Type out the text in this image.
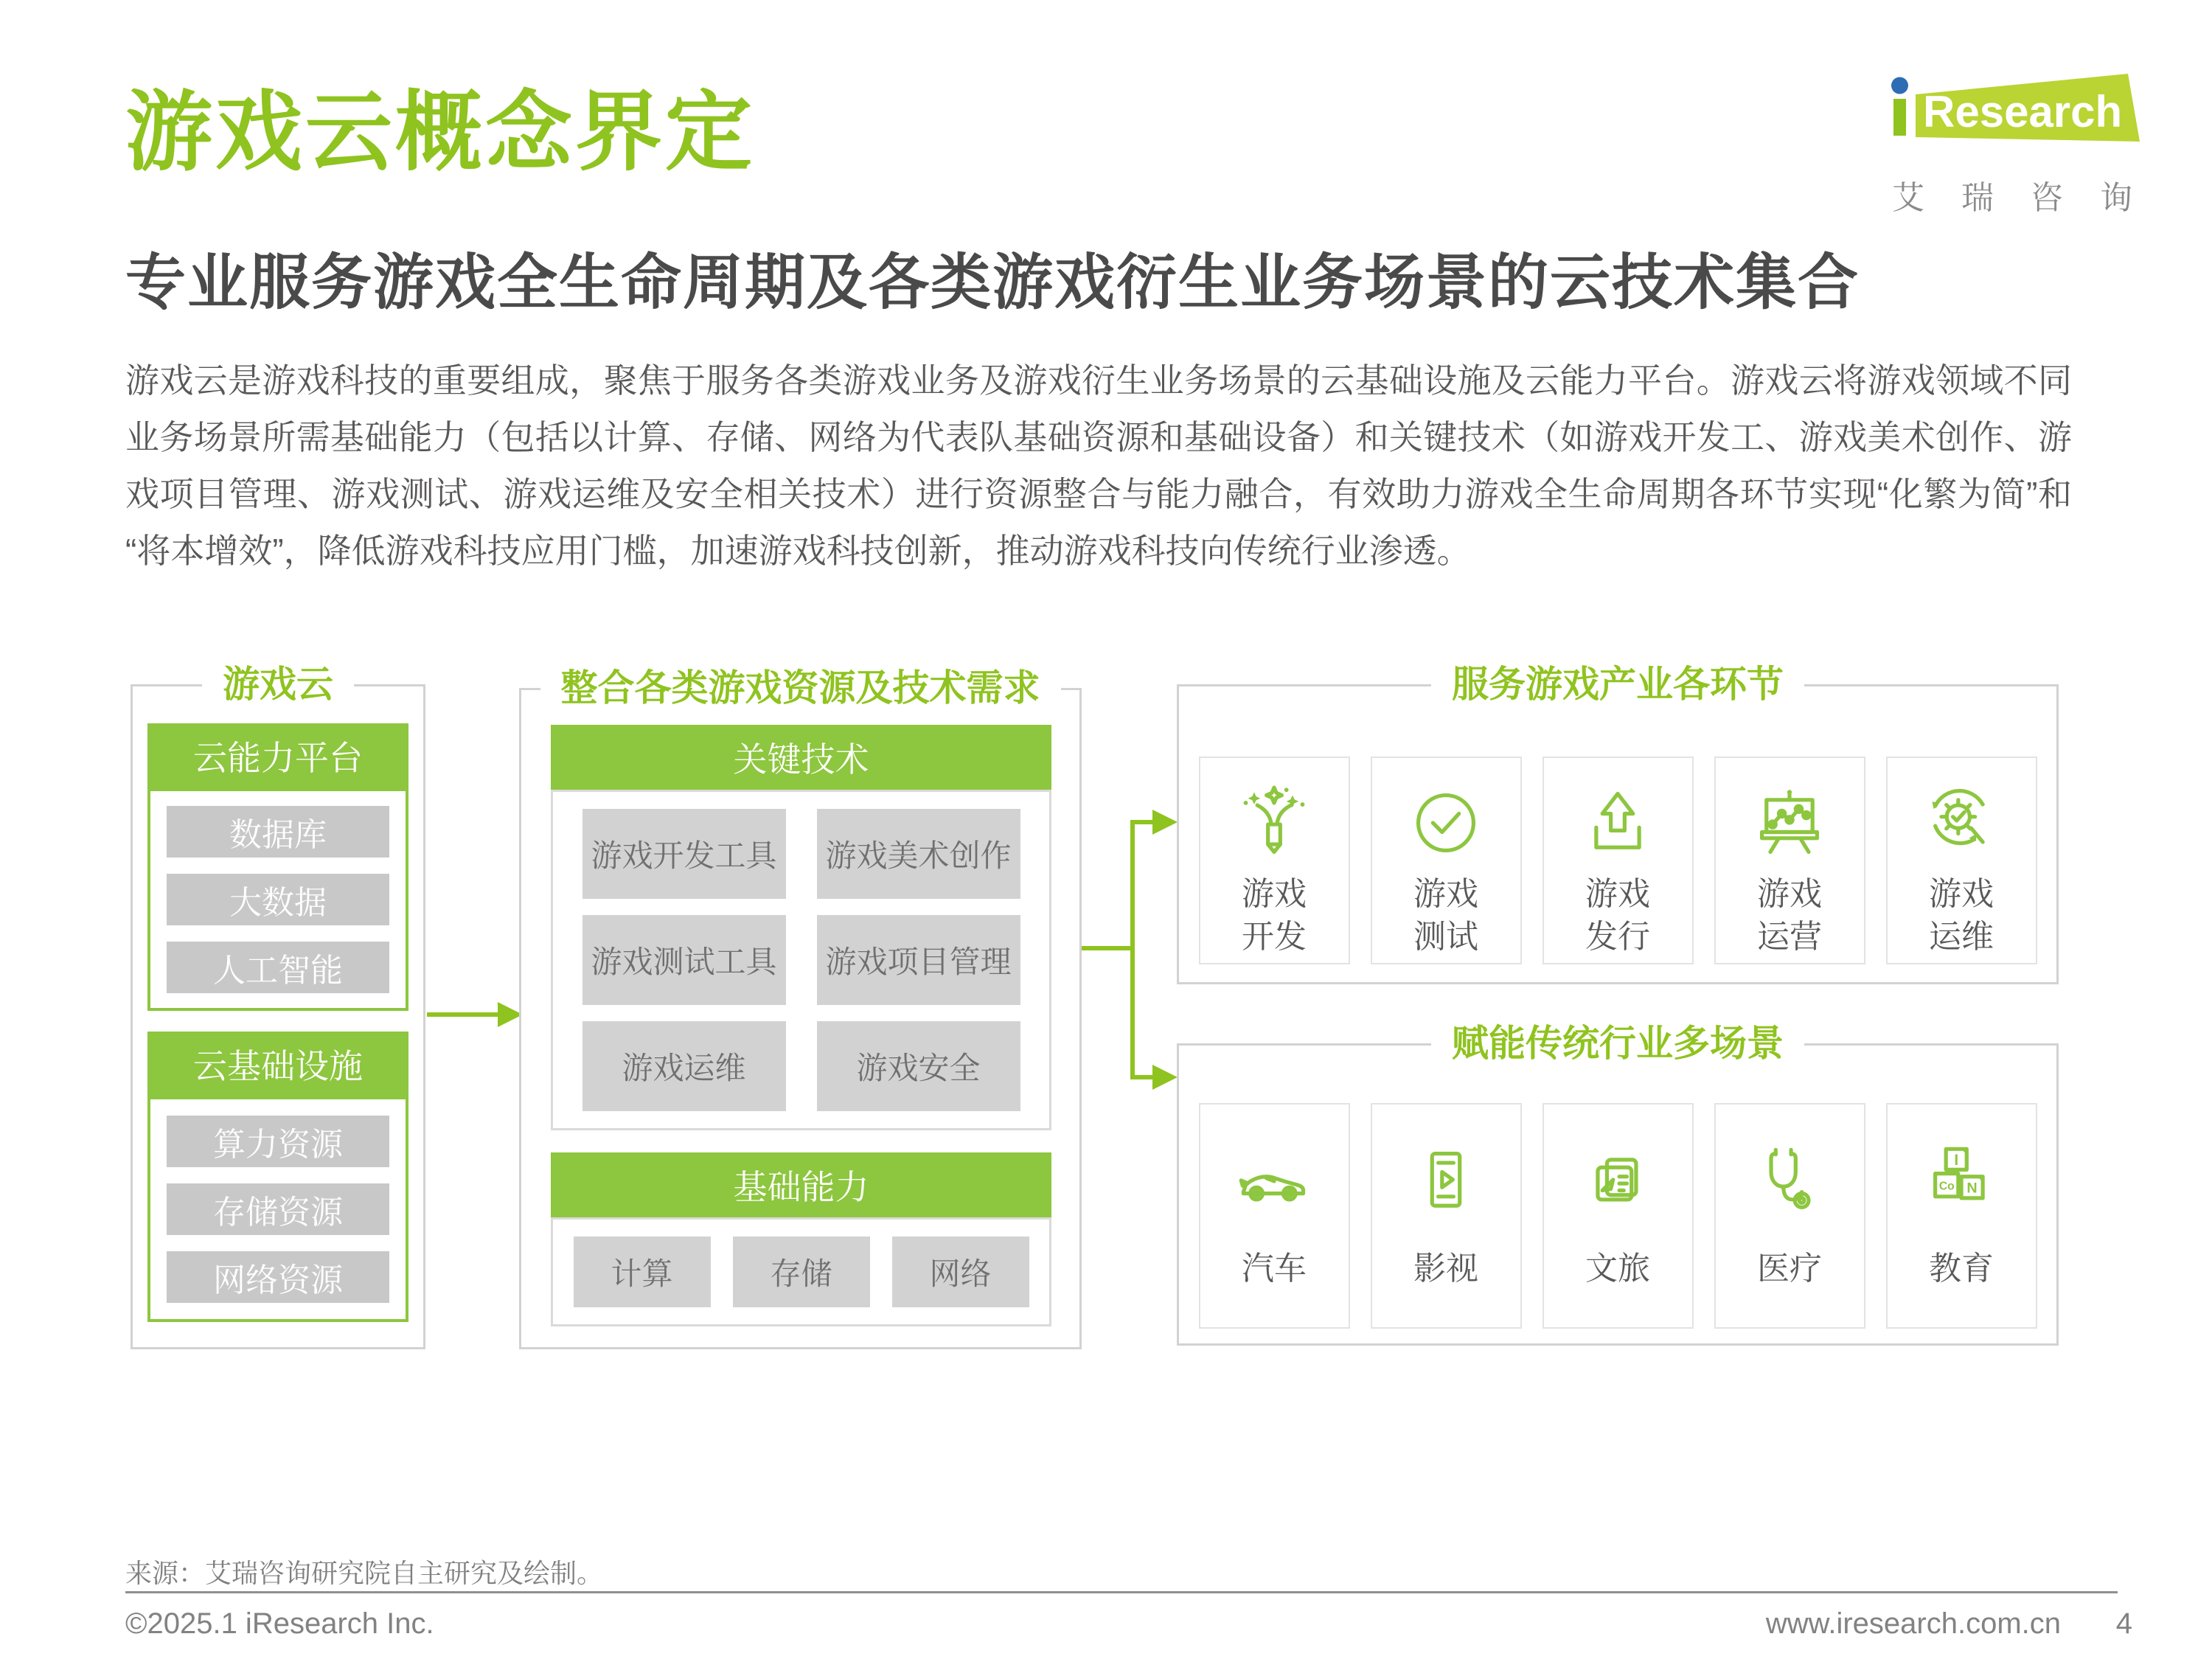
游戏云概念界定	Research
艾瑞咨询
专业服务游戏全生命周期及各类游戏衍生业务场景的云技术集合
游戏云是游戏科技的重要组成，聚焦于服务各类游戏业务及游戏衍生业务场景的云基础设施及云能力平台。游戏云将游戏领域不同业务场景所需基础能力（包括以计算、存储、网络为代表队基础资源和基础设备）和关键技术（如游戏开发工、游戏美术创作、游戏项目管理、游戏测试、游戏运维及安全相关技术）进行资源整合与能力融合，有效助力游戏全生命周期各环节实现“化繁为简”和“将本增效”，降低游戏科技应用门槛，加速游戏科技创新，推动游戏科技向传统行业渗透。
游戏云
云能力平台
数据库
大数据
人工智能
云基础设施
算力资源
存储资源
网络资源
整合各类游戏资源及技术需求
关键技术
游戏开发工具 游戏美术创作
游戏测试工具 游戏项目管理
游戏运维	游戏安全
基础能力
计算	存储	网络
服务游戏产业各环节
游戏开发
游戏测试
游戏发行
游戏运营
游戏运维
赋能传统行业多场景
汽车	影视	文旅	医疗
I
Co N
教育
来源：艾瑞咨询研究院自主研究及绘制。
©2025.1 iResearch Inc.	www.iresearch.com.cn 4
